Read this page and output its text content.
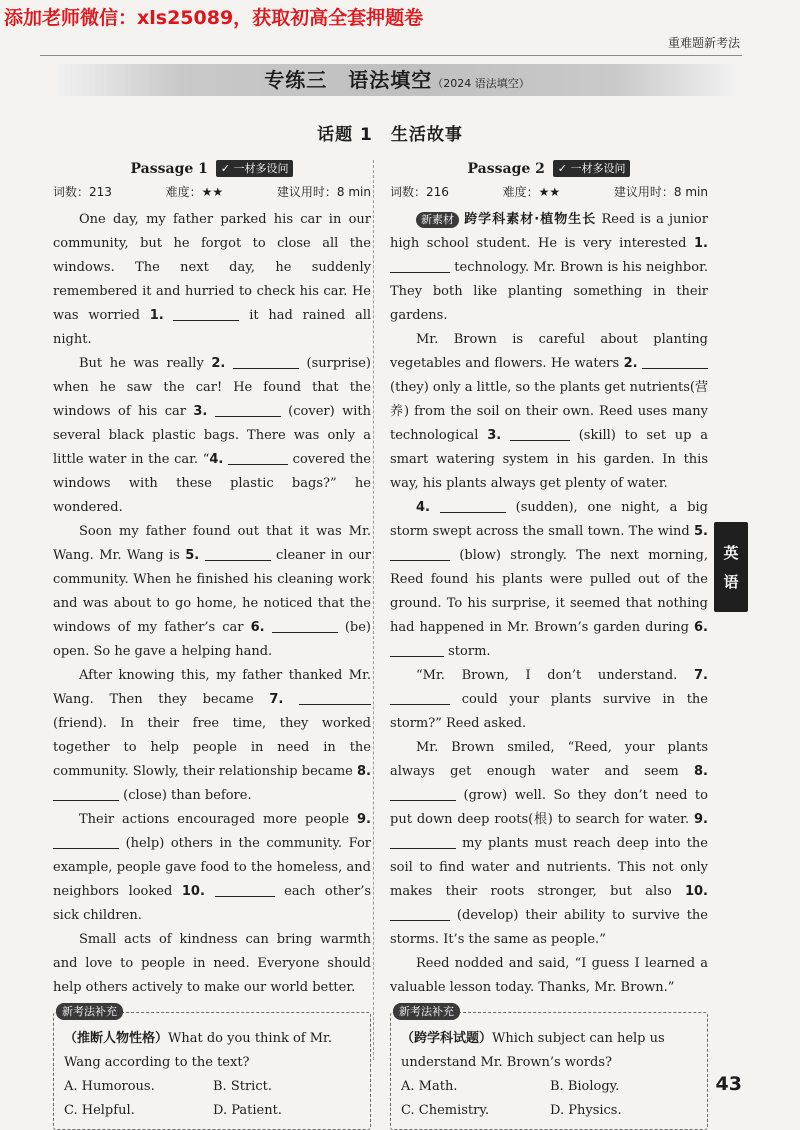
添加老师微信：xls25089，获取初高全套押题卷
重难题新考法
专练三　语法填空（2024 语法填空）
话题 1　生活故事
Passage 1 ✓ 一材多设问
词数：213	难度：★★	建议用时：8 min

One day, my father parked his car in our community, but he forgot to close all the windows. The next day, he suddenly remembered it and hurried to check his car. He was worried 1.	it had rained all night.

But he was really 2.	(surprise) when he saw the car! He found that the windows of his car 3.	(cover) with several black plastic bags. There was only a little water in the car. “4.	covered the windows with these plastic bags?” he wondered.

Soon my father found out that it was Mr. Wang. Mr. Wang is 5.	cleaner in our community. When he finished his cleaning work and was about to go home, he noticed that the windows of my father’s car 6.	(be) open. So he gave a helping hand.

After knowing this, my father thanked Mr. Wang. Then they became 7.  (friend). In their free time, they worked together to help people in need in the community. Slowly, their relationship became 8.  (close) than before.

Their actions encouraged more people 9.  (help) others in the community. For example, people gave food to the homeless, and neighbors looked 10.	each other’s sick children.

Small acts of kindness can bring warmth and love to people in need. Everyone should help others actively to make our world better.

新考法补充
（推断人物性格）What do you think of Mr. Wang according to the text?
A. Humorous.	B. Strict.
C. Helpful.	D. Patient.
Passage 2 ✓ 一材多设问
词数：216	难度：★★	建议用时：8 min

新素材 跨学科素材·植物生长 Reed is a junior high school student. He is very interested 1.  technology. Mr. Brown is his neighbor. They both like planting something in their gardens.

Mr. Brown is careful about planting vegetables and flowers. He waters 2.  (they) only a little, so the plants get nutrients(营养) from the soil on their own. Reed uses many technological 3.	(skill) to set up a smart watering system in his garden. In this way, his plants always get plenty of water.

4.	(sudden), one night, a big storm swept across the small town. The wind 5.  (blow) strongly. The next morning, Reed found his plants were pulled out of the ground. To his surprise, it seemed that nothing had happened in Mr. Brown’s garden during 6.  storm.

“Mr. Brown, I don’t understand. 7.  could your plants survive in the storm?” Reed asked.

Mr. Brown smiled, “Reed, your plants always get enough water and seem 8.  (grow) well. So they don’t need to put down deep roots(根) to search for water. 9.  my plants must reach deep into the soil to find water and nutrients. This not only makes their roots stronger, but also 10.  (develop) their ability to survive the storms. It’s the same as people.”

Reed nodded and said, “I guess I learned a valuable lesson today. Thanks, Mr. Brown.”

新考法补充
（跨学科试题）Which subject can help us understand Mr. Brown’s words?
A. Math.	B. Biology.
C. Chemistry.	D. Physics.
英
语
43
